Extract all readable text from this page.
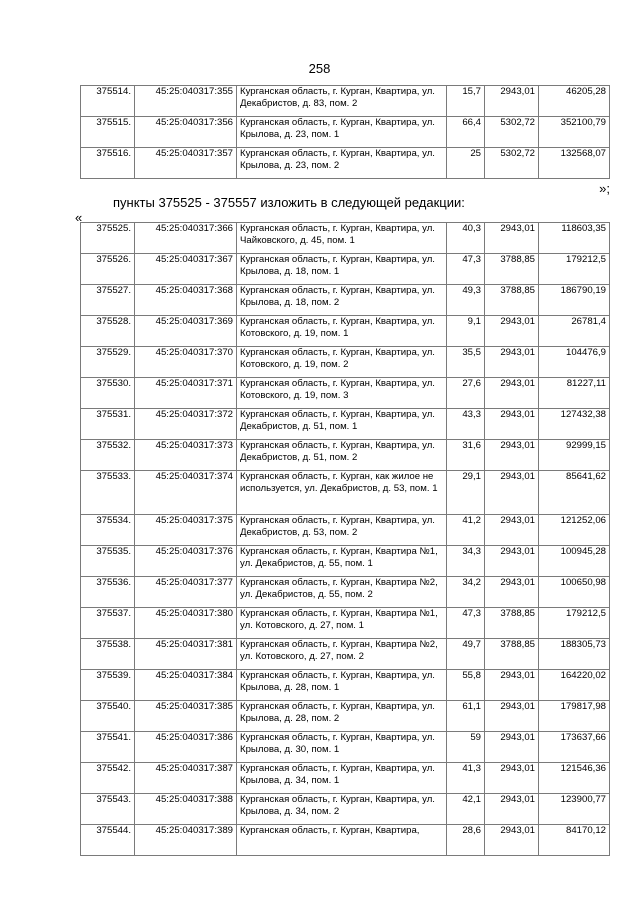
258
375514.	45:25:040317:355	Курганская область, г. Курган, Квартира, ул. Декабристов, д. 83, пом. 2	15,7	2943,01	46205,28
375515.	45:25:040317:356	Курганская область, г. Курган, Квартира, ул. Крылова, д. 23, пом. 1	66,4	5302,72	352100,79
375516.	45:25:040317:357	Курганская область, г. Курган, Квартира, ул. Крылова, д. 23, пом. 2	25	5302,72	132568,07
»;
пункты 375525 - 375557 изложить в следующей редакции:
«
375525.	45:25:040317:366	Курганская область, г. Курган, Квартира, ул. Чайковского, д. 45, пом. 1	40,3	2943,01	118603,35
375526.	45:25:040317:367	Курганская область, г. Курган, Квартира, ул. Крылова, д. 18, пом. 1	47,3	3788,85	179212,5
375527.	45:25:040317:368	Курганская область, г. Курган, Квартира, ул. Крылова, д. 18, пом. 2	49,3	3788,85	186790,19
375528.	45:25:040317:369	Курганская область, г. Курган, Квартира, ул. Котовского, д. 19, пом. 1	9,1	2943,01	26781,4
375529.	45:25:040317:370	Курганская область, г. Курган, Квартира, ул. Котовского, д. 19, пом. 2	35,5	2943,01	104476,9
375530.	45:25:040317:371	Курганская область, г. Курган, Квартира, ул. Котовского, д. 19, пом. 3	27,6	2943,01	81227,11
375531.	45:25:040317:372	Курганская область, г. Курган, Квартира, ул. Декабристов, д. 51, пом. 1	43,3	2943,01	127432,38
375532.	45:25:040317:373	Курганская область, г. Курган, Квартира, ул. Декабристов, д. 51, пом. 2	31,6	2943,01	92999,15
375533.	45:25:040317:374	Курганская область, г. Курган, как жилое не используется, ул. Декабристов, д. 53, пом. 1	29,1	2943,01	85641,62
375534.	45:25:040317:375	Курганская область, г. Курган, Квартира, ул. Декабристов, д. 53, пом. 2	41,2	2943,01	121252,06
375535.	45:25:040317:376	Курганская область, г. Курган, Квартира №1, ул. Декабристов, д. 55, пом. 1	34,3	2943,01	100945,28
375536.	45:25:040317:377	Курганская область, г. Курган, Квартира №2, ул. Декабристов, д. 55, пом. 2	34,2	2943,01	100650,98
375537.	45:25:040317:380	Курганская область, г. Курган, Квартира №1, ул. Котовского, д. 27, пом. 1	47,3	3788,85	179212,5
375538.	45:25:040317:381	Курганская область, г. Курган, Квартира №2, ул. Котовского, д. 27, пом. 2	49,7	3788,85	188305,73
375539.	45:25:040317:384	Курганская область, г. Курган, Квартира, ул. Крылова, д. 28, пом. 1	55,8	2943,01	164220,02
375540.	45:25:040317:385	Курганская область, г. Курган, Квартира, ул. Крылова, д. 28, пом. 2	61,1	2943,01	179817,98
375541.	45:25:040317:386	Курганская область, г. Курган, Квартира, ул. Крылова, д. 30, пом. 1	59	2943,01	173637,66
375542.	45:25:040317:387	Курганская область, г. Курган, Квартира, ул. Крылова, д. 34, пом. 1	41,3	2943,01	121546,36
375543.	45:25:040317:388	Курганская область, г. Курган, Квартира, ул. Крылова, д. 34, пом. 2	42,1	2943,01	123900,77
375544.	45:25:040317:389	Курганская область, г. Курган, Квартира,	28,6	2943,01	84170,12
